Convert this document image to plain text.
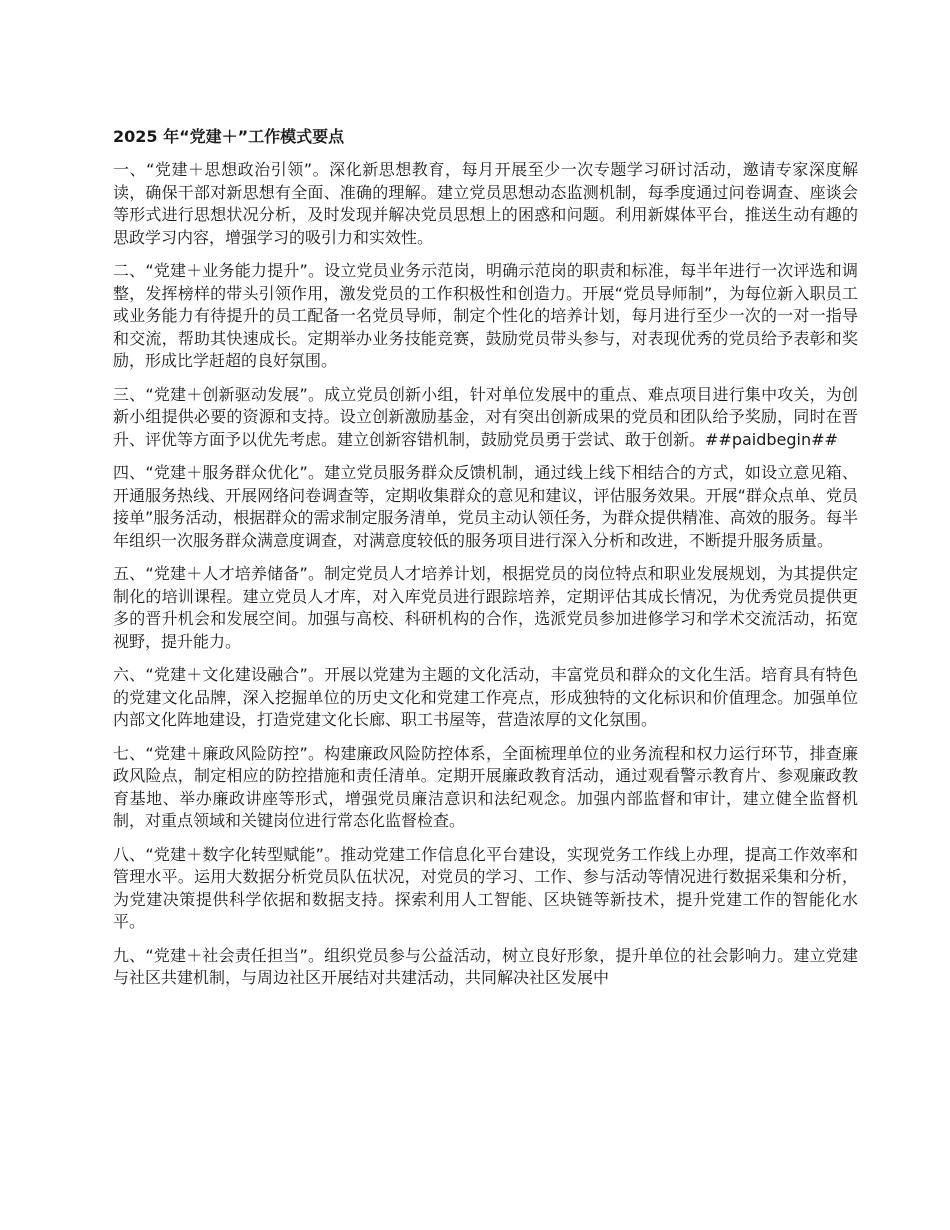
2025 年“党建＋”工作模式要点

一、“党建＋思想政治引领”。深化新思想教育，每月开展至少一次专题学习研讨活动，邀请专家深度解读，确保干部对新思想有全面、准确的理解。建立党员思想动态监测机制，每季度通过问卷调查、座谈会等形式进行思想状况分析，及时发现并解决党员思想上的困惑和问题。利用新媒体平台，推送生动有趣的思政学习内容，增强学习的吸引力和实效性。

二、“党建＋业务能力提升”。设立党员业务示范岗，明确示范岗的职责和标准，每半年进行一次评选和调整，发挥榜样的带头引领作用，激发党员的工作积极性和创造力。开展“党员导师制”，为每位新入职员工或业务能力有待提升的员工配备一名党员导师，制定个性化的培养计划，每月进行至少一次的一对一指导和交流，帮助其快速成长。定期举办业务技能竞赛，鼓励党员带头参与，对表现优秀的党员给予表彰和奖励，形成比学赶超的良好氛围。

三、“党建＋创新驱动发展”。成立党员创新小组，针对单位发展中的重点、难点项目进行集中攻关，为创新小组提供必要的资源和支持。设立创新激励基金，对有突出创新成果的党员和团队给予奖励，同时在晋升、评优等方面予以优先考虑。建立创新容错机制，鼓励党员勇于尝试、敢于创新。##paidbegin##

四、“党建＋服务群众优化”。建立党员服务群众反馈机制，通过线上线下相结合的方式，如设立意见箱、开通服务热线、开展网络问卷调查等，定期收集群众的意见和建议，评估服务效果。开展“群众点单、党员接单”服务活动，根据群众的需求制定服务清单，党员主动认领任务，为群众提供精准、高效的服务。每半年组织一次服务群众满意度调查，对满意度较低的服务项目进行深入分析和改进，不断提升服务质量。

五、“党建＋人才培养储备”。制定党员人才培养计划，根据党员的岗位特点和职业发展规划，为其提供定制化的培训课程。建立党员人才库，对入库党员进行跟踪培养，定期评估其成长情况，为优秀党员提供更多的晋升机会和发展空间。加强与高校、科研机构的合作，选派党员参加进修学习和学术交流活动，拓宽视野，提升能力。

六、“党建＋文化建设融合”。开展以党建为主题的文化活动，丰富党员和群众的文化生活。培育具有特色的党建文化品牌，深入挖掘单位的历史文化和党建工作亮点，形成独特的文化标识和价值理念。加强单位内部文化阵地建设，打造党建文化长廊、职工书屋等，营造浓厚的文化氛围。

七、“党建＋廉政风险防控”。构建廉政风险防控体系，全面梳理单位的业务流程和权力运行环节，排查廉政风险点，制定相应的防控措施和责任清单。定期开展廉政教育活动，通过观看警示教育片、参观廉政教育基地、举办廉政讲座等形式，增强党员廉洁意识和法纪观念。加强内部监督和审计，建立健全监督机制，对重点领域和关键岗位进行常态化监督检查。

八、“党建＋数字化转型赋能”。推动党建工作信息化平台建设，实现党务工作线上办理，提高工作效率和管理水平。运用大数据分析党员队伍状况，对党员的学习、工作、参与活动等情况进行数据采集和分析，为党建决策提供科学依据和数据支持。探索利用人工智能、区块链等新技术，提升党建工作的智能化水平。

九、“党建＋社会责任担当”。组织党员参与公益活动，树立良好形象，提升单位的社会影响力。建立党建与社区共建机制，与周边社区开展结对共建活动，共同解决社区发展中
